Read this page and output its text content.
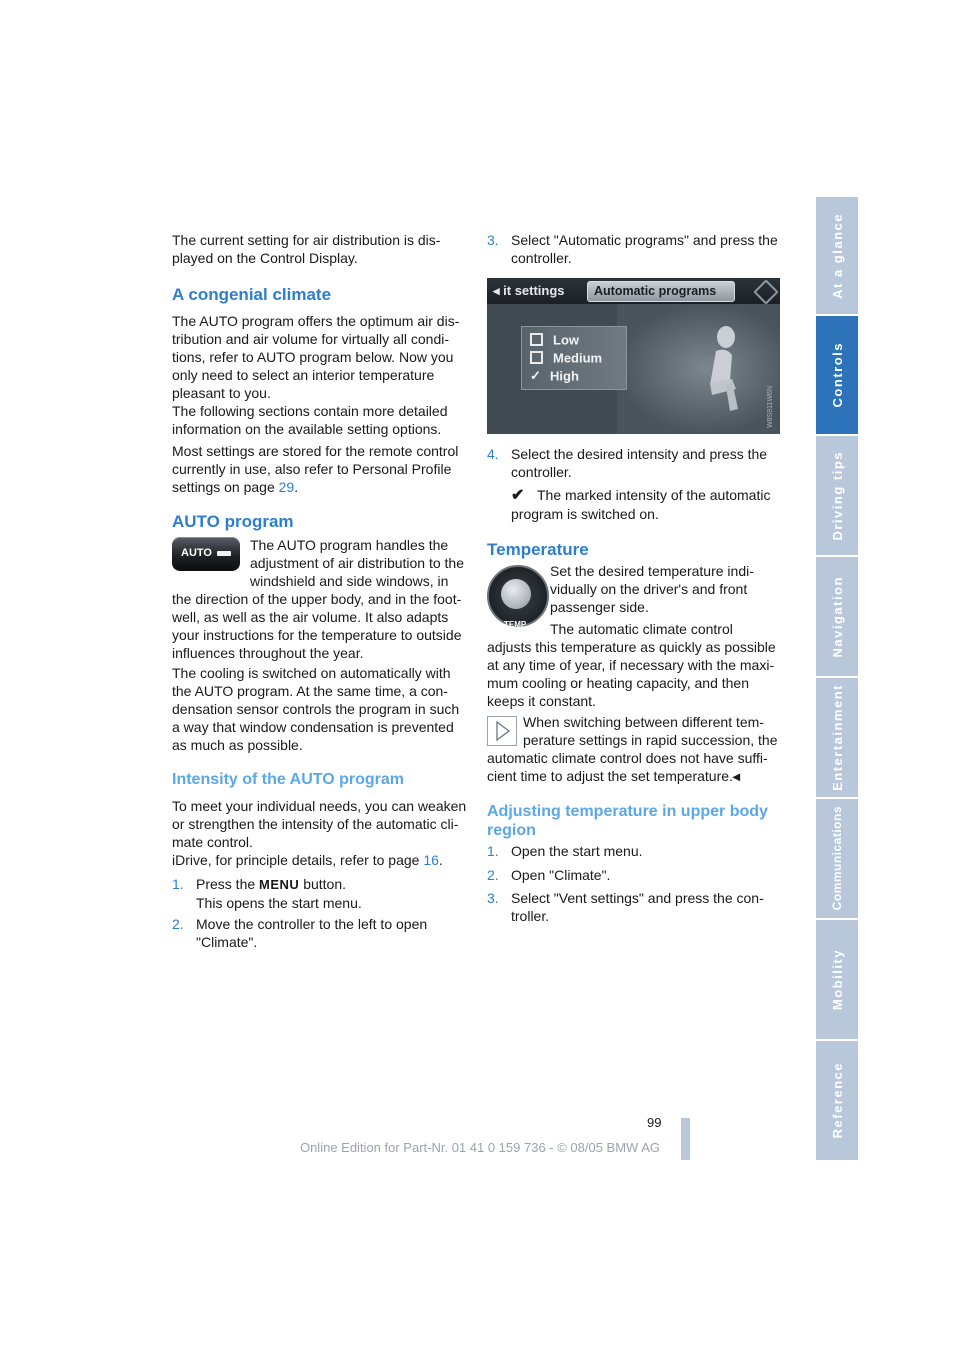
The current setting for air distribution is dis-
played on the Control Display.

A congenial climate

The AUTO program offers the optimum air dis-
tribution and air volume for virtually all condi-
tions, refer to AUTO program below. Now you
only need to select an interior temperature
pleasant to you.

The following sections contain more detailed
information on the available setting options.

Most settings are stored for the remote control
currently in use, also refer to Personal Profile
settings on page 29.

AUTO program
AUTO	The AUTO program handles the
adjustment of air distribution to the
windshield and side windows, in

the direction of the upper body, and in the foot-
well, as well as the air volume. It also adapts
your instructions for the temperature to outside
influences throughout the year.

The cooling is switched on automatically with
the AUTO program. At the same time, a con-
densation sensor controls the program in such
a way that window condensation is prevented
as much as possible.

Intensity of the AUTO program

To meet your individual needs, you can weaken
or strengthen the intensity of the automatic cli-
mate control.

iDrive, for principle details, refer to page 16.

1. Press the MENU button.
This opens the start menu.

2. Move the controller to the left to open
"Climate".

3. Select "Automatic programs" and press the
controller.

◂ it settings Automatic programs
Low
Medium
✓ High
W8S911W6N

4. Select the desired intensity and press the
controller.

✔ The marked intensity of the automatic
program is switched on.

Temperature
TEMP

Set the desired temperature indi-
vidually on the driver's and front
passenger side.

The automatic climate control

adjusts this temperature as quickly as possible
at any time of year, if necessary with the maxi-
mum cooling or heating capacity, and then
keeps it constant.

When switching between different tem-
perature settings in rapid succession, the

automatic climate control does not have suffi-
cient time to adjust the set temperature.◂

Adjusting temperature in upper body
region

1. Open the start menu.

2. Open "Climate".

3. Select "Vent settings" and press the con-
troller.

At a glance
Controls
Driving tips
Navigation
Entertainment
Communications
Mobility
Reference
99
Online Edition for Part-Nr. 01 41 0 159 736 - © 08/05 BMW AG
